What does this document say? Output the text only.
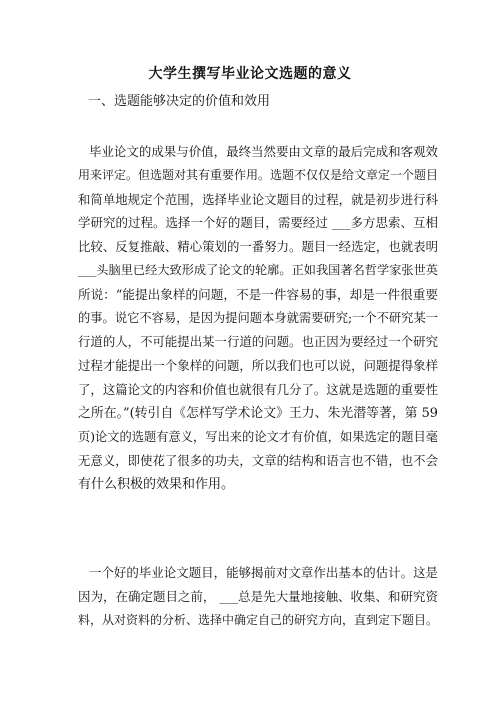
大学生撰写毕业论文选题的意义
一、选题能够决定的价值和效用
毕业论文的成果与价值，最终当然要由文章的最后完成和客观效
用来评定。但选题对其有重要作用。选题不仅仅是给文章定一个题目
和简单地规定个范围，选择毕业论文题目的过程，就是初步进行科
学研究的过程。选择一个好的题目，需要经过 ___多方思索、互相
比较、反复推敲、精心策划的一番努力。题目一经选定，也就表明
___头脑里已经大致形成了论文的轮廓。正如我国著名哲学家张世英
所说：“能提出象样的问题，不是一件容易的事，却是一件很重要
的事。说它不容易，是因为提问题本身就需要研究;一个不研究某一
行道的人，不可能提出某一行道的问题。也正因为要经过一个研究
过程才能提出一个象样的问题，所以我们也可以说，问题提得象样
了，这篇论文的内容和价值也就很有几分了。这就是选题的重要性
之所在。”(转引自《怎样写学术论文》王力、朱光潜等著，第 59
页)论文的选题有意义，写出来的论文才有价值，如果选定的题目毫
无意义，即使花了很多的功夫，文章的结构和语言也不错，也不会
有什么积极的效果和作用。
一个好的毕业论文题目，能够揭前对文章作出基本的估计。这是
因为，在确定题目之前， ___总是先大量地接触、收集、和研究资
料，从对资料的分析、选择中确定自己的研究方向，直到定下题目。
